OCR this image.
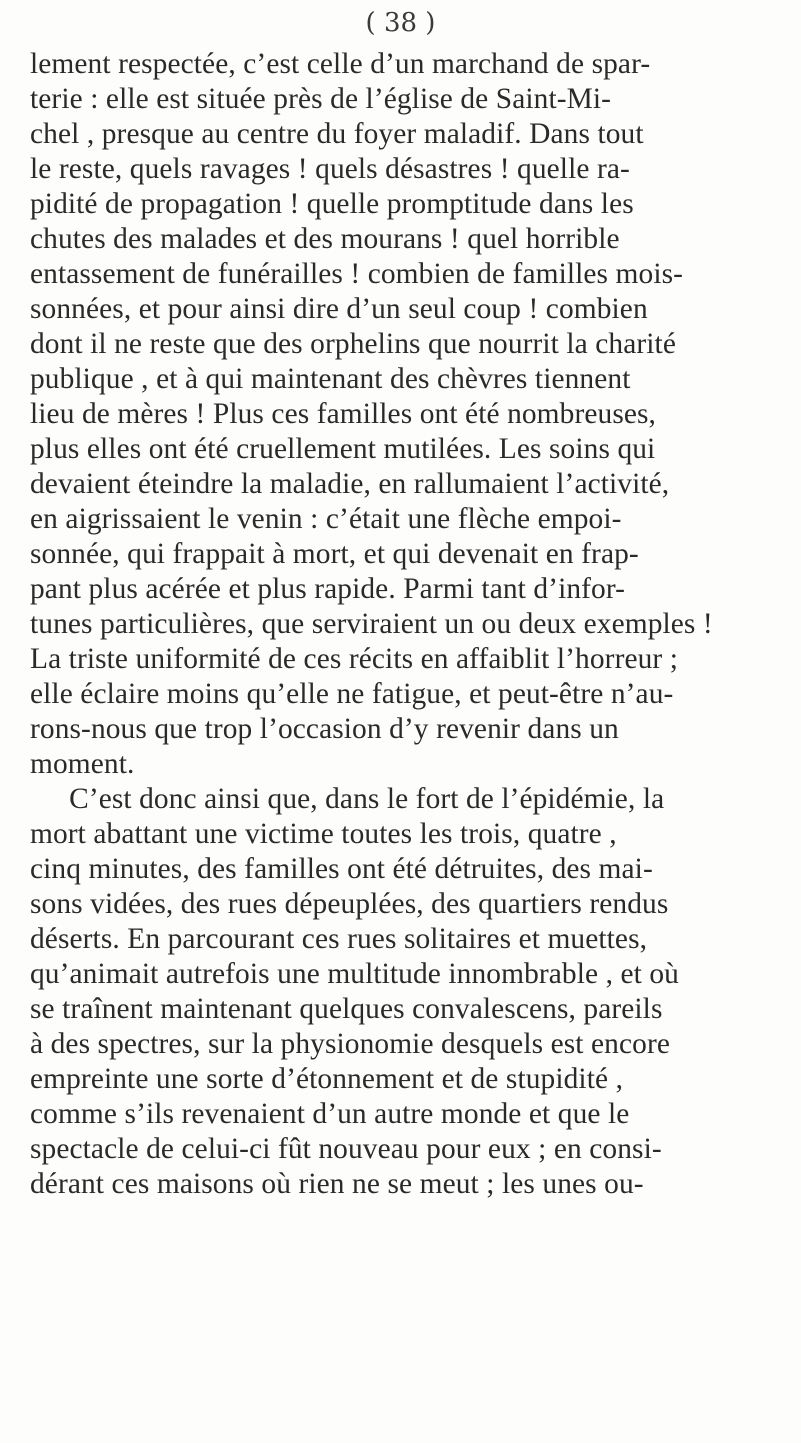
( 38 )
lement respectée, c’est celle d’un marchand de spar-
terie : elle est située près de l’église de Saint-Mi-
chel , presque au centre du foyer maladif. Dans tout
le reste, quels ravages ! quels désastres ! quelle ra-
pidité de propagation ! quelle promptitude dans les
chutes des malades et des mourans ! quel horrible
entassement de funérailles ! combien de familles mois-
sonnées, et pour ainsi dire d’un seul coup ! combien
dont il ne reste que des orphelins que nourrit la charité
publique , et à qui maintenant des chèvres tiennent
lieu de mères ! Plus ces familles ont été nombreuses,
plus elles ont été cruellement mutilées. Les soins qui
devaient éteindre la maladie, en rallumaient l’activité,
en aigrissaient le venin : c’était une flèche empoi-
sonnée, qui frappait à mort, et qui devenait en frap-
pant plus acérée et plus rapide. Parmi tant d’infor-
tunes particulières, que serviraient un ou deux exemples !
La triste uniformité de ces récits en affaiblit l’horreur ;
elle éclaire moins qu’elle ne fatigue, et peut-être n’au-
rons-nous que trop l’occasion d’y revenir dans un
moment.
C’est donc ainsi que, dans le fort de l’épidémie, la
mort abattant une victime toutes les trois, quatre ,
cinq minutes, des familles ont été détruites, des mai-
sons vidées, des rues dépeuplées, des quartiers rendus
déserts. En parcourant ces rues solitaires et muettes,
qu’animait autrefois une multitude innombrable , et où
se traînent maintenant quelques convalescens, pareils
à des spectres, sur la physionomie desquels est encore
empreinte une sorte d’étonnement et de stupidité ,
comme s’ils revenaient d’un autre monde et que le
spectacle de celui-ci fût nouveau pour eux ; en consi-
dérant ces maisons où rien ne se meut ; les unes ou-
